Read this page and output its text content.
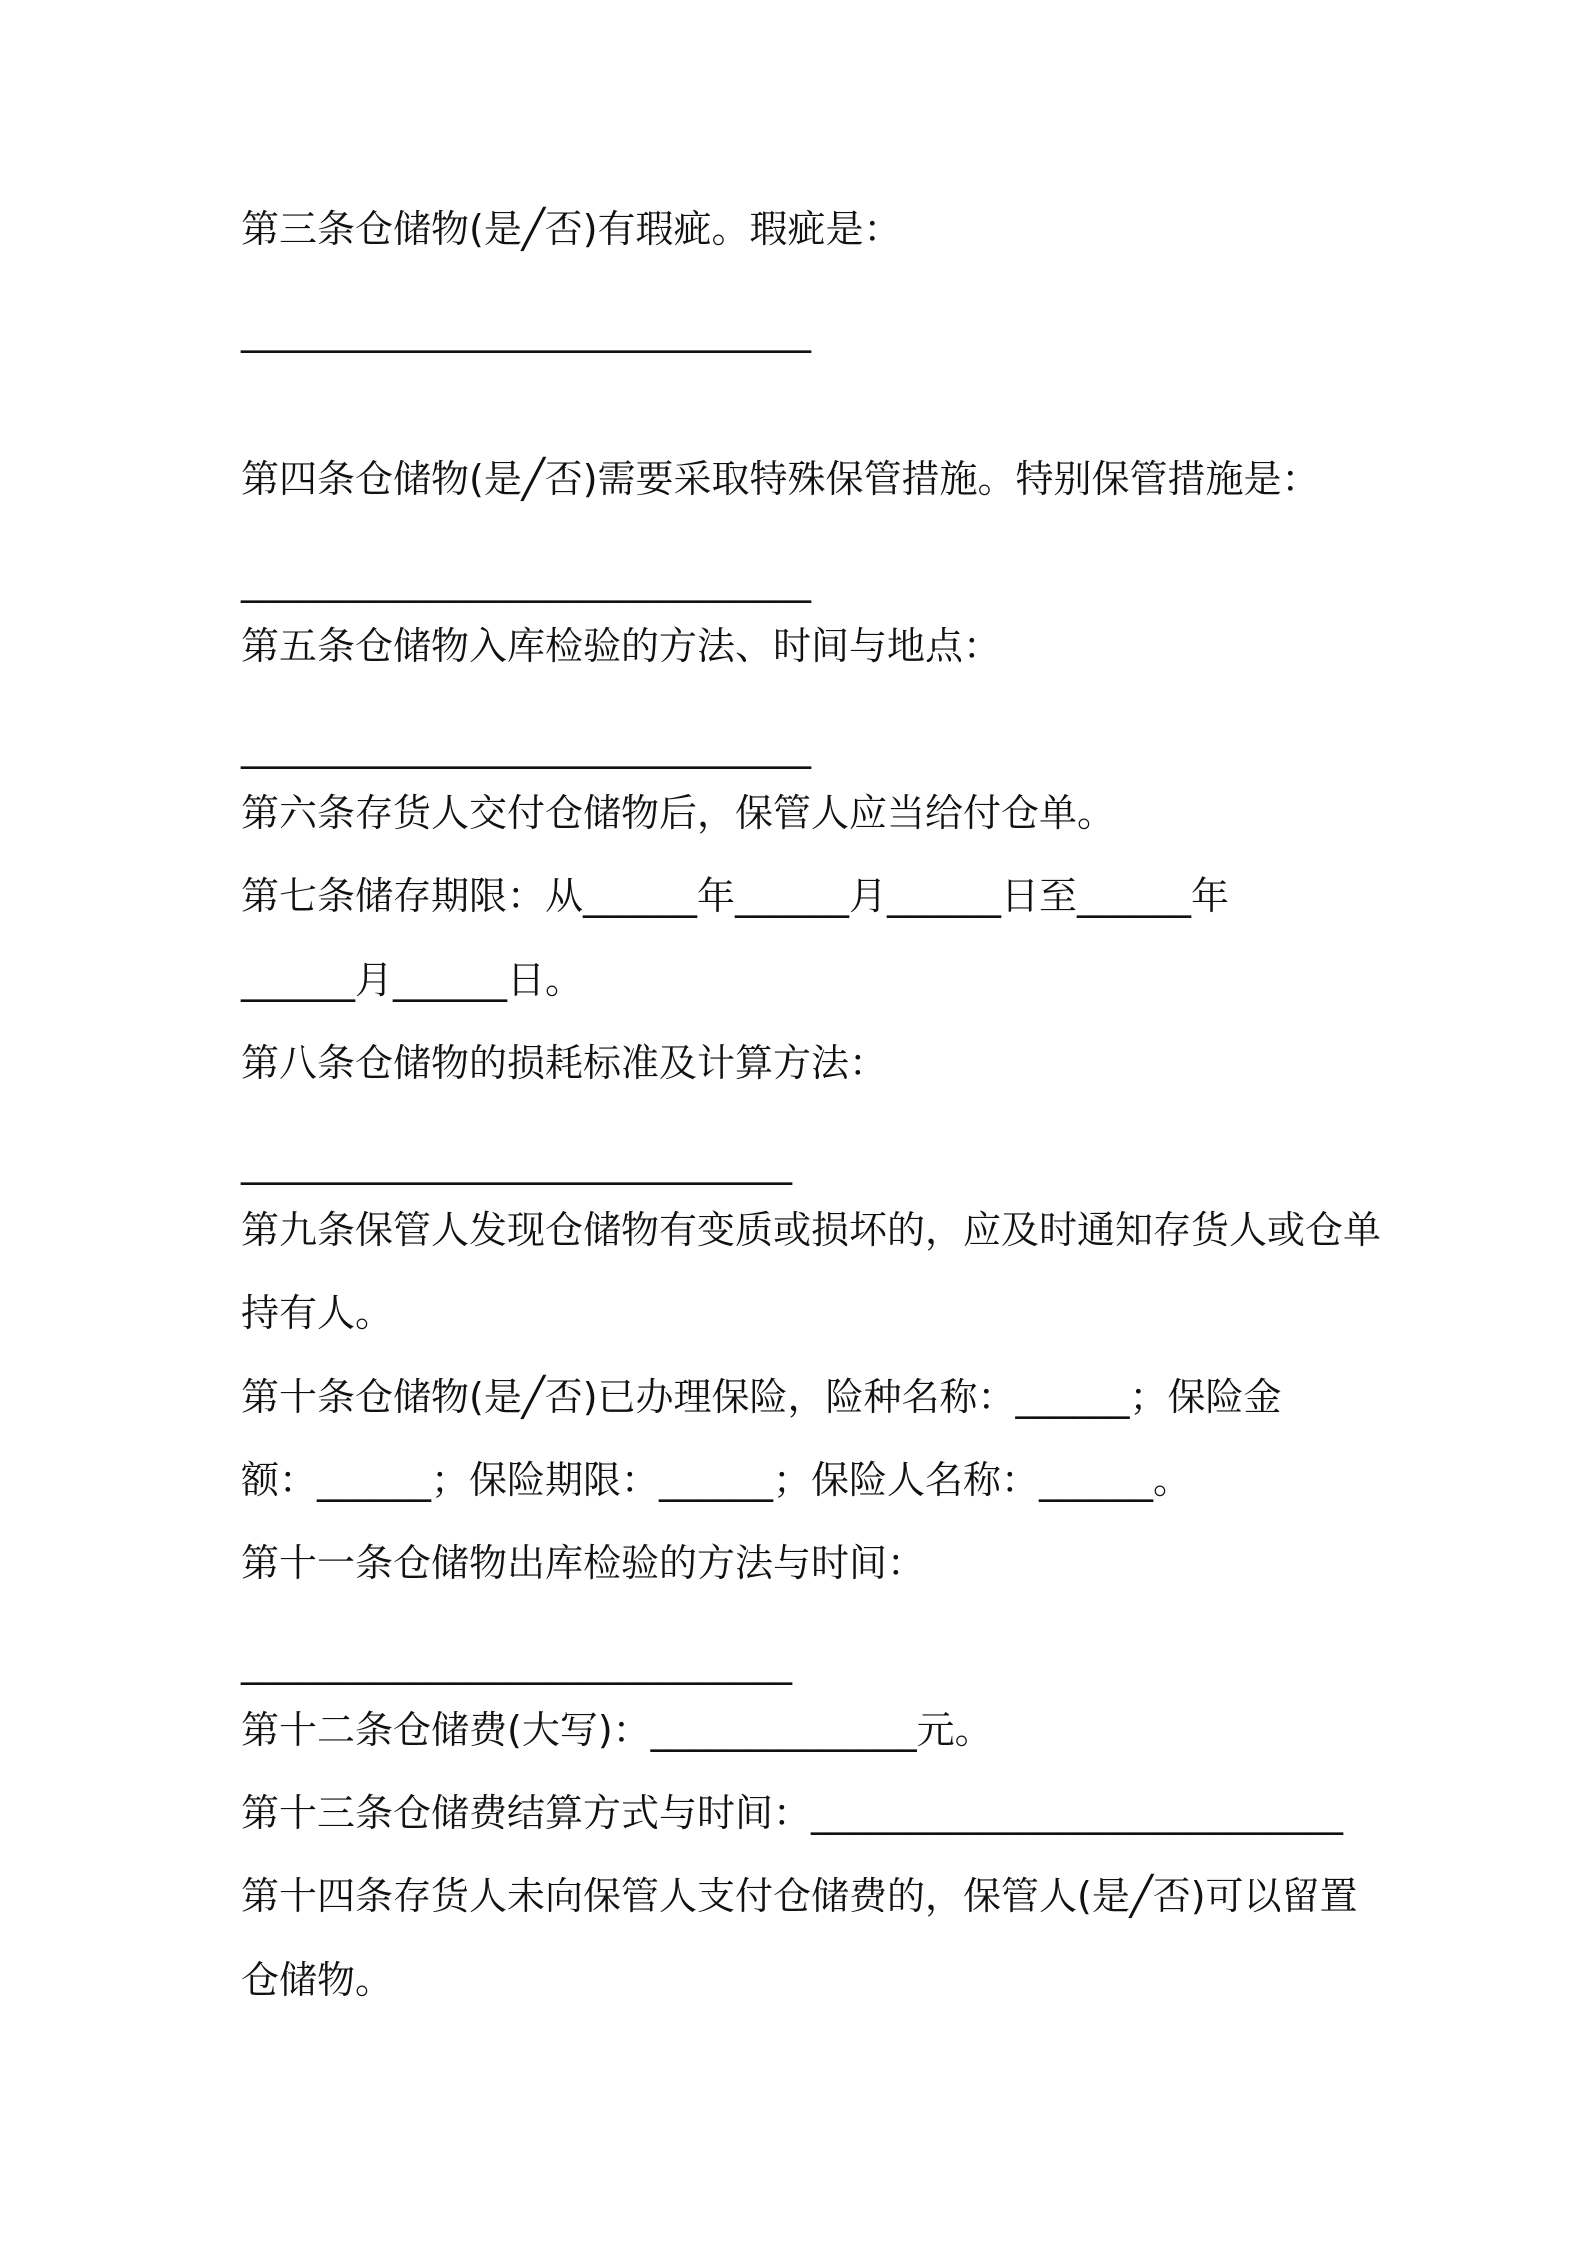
第三条仓储物(是╱否)有瑕疵。瑕疵是：

______________________________

第四条仓储物(是╱否)需要采取特殊保管措施。特别保管措施是：

______________________________

第五条仓储物入库检验的方法、时间与地点：

______________________________

第六条存货人交付仓储物后，保管人应当给付仓单。

第七条储存期限：从______年______月______日至______年

______月______日。

第八条仓储物的损耗标准及计算方法：

_____________________________

第九条保管人发现仓储物有变质或损坏的，应及时通知存货人或仓单

持有人。

第十条仓储物(是╱否)已办理保险，险种名称：______；保险金

额：______；保险期限：______；保险人名称：______。

第十一条仓储物出库检验的方法与时间：

_____________________________

第十二条仓储费(大写)：______________元。

第十三条仓储费结算方式与时间：____________________________

第十四条存货人未向保管人支付仓储费的，保管人(是╱否)可以留置

仓储物。
